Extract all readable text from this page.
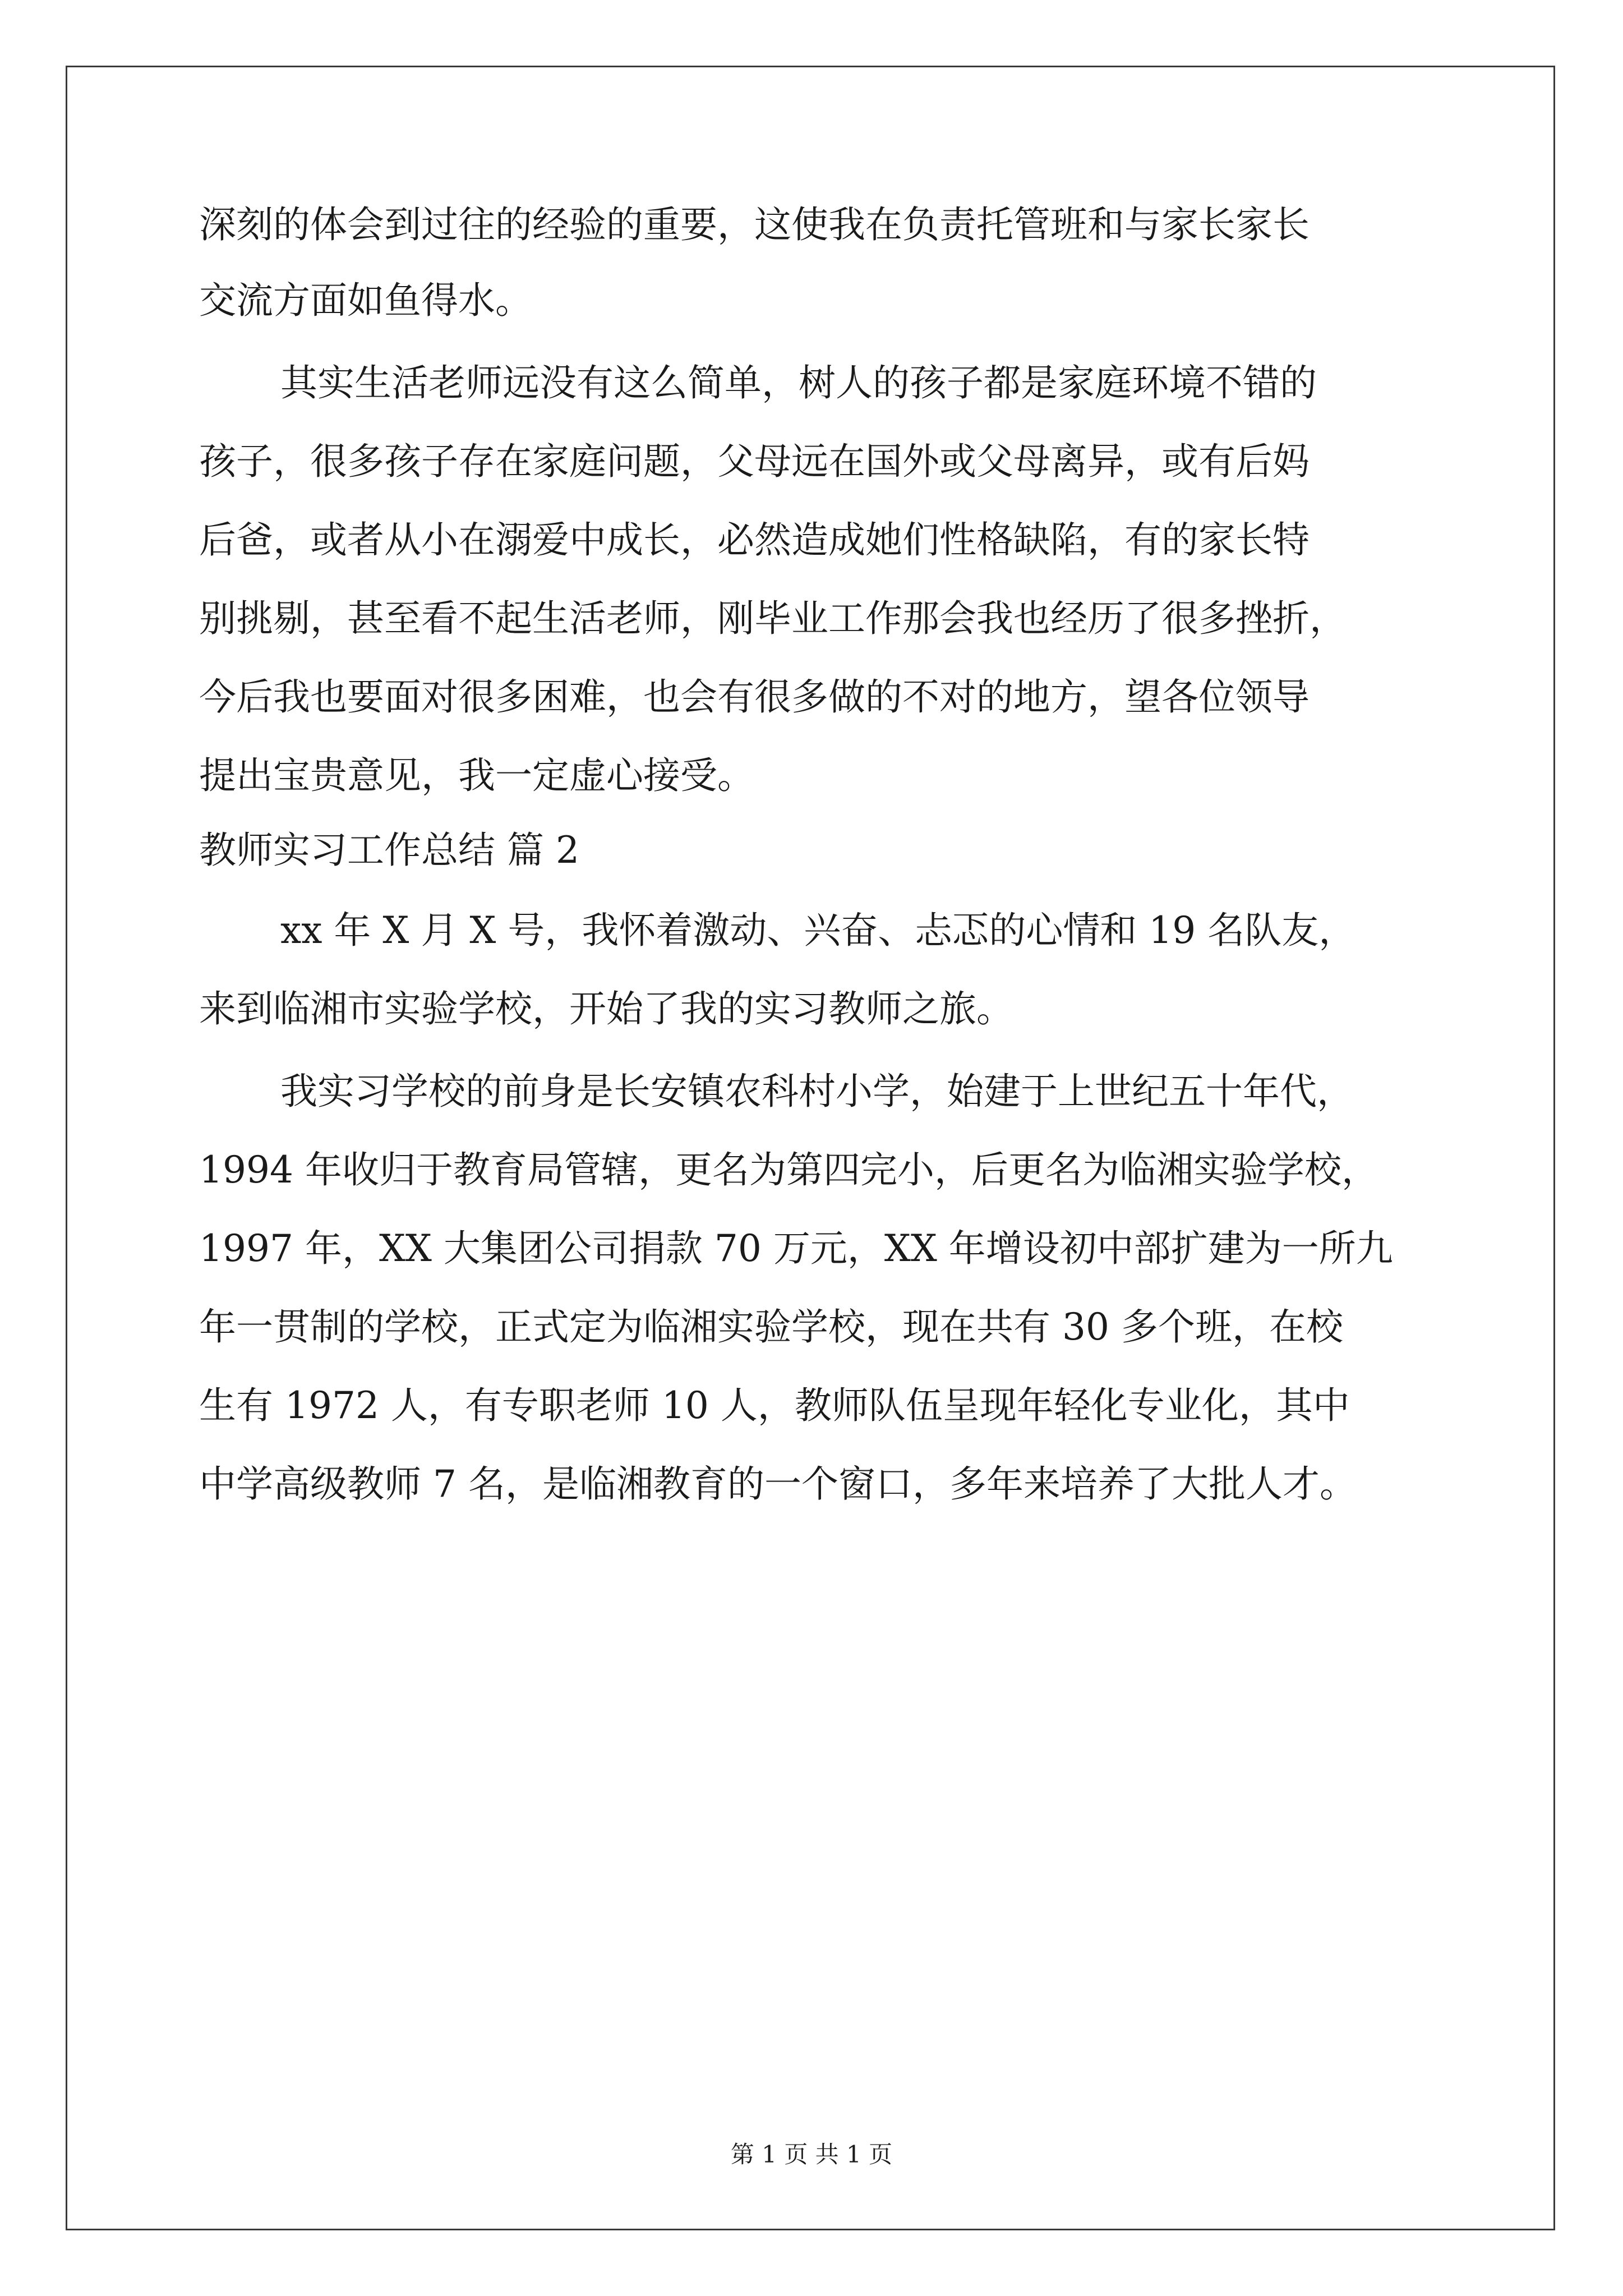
深刻的体会到过往的经验的重要，这使我在负责托管班和与家长家长
交流方面如鱼得水。
其实生活老师远没有这么简单，树人的孩子都是家庭环境不错的
孩子，很多孩子存在家庭问题，父母远在国外或父母离异，或有后妈
后爸，或者从小在溺爱中成长，必然造成她们性格缺陷，有的家长特
别挑剔，甚至看不起生活老师，刚毕业工作那会我也经历了很多挫折，
今后我也要面对很多困难，也会有很多做的不对的地方，望各位领导
提出宝贵意见，我一定虚心接受。
教师实习工作总结 篇 2
xx 年 X 月 X 号，我怀着激动、兴奋、忐忑的心情和 19 名队友，
来到临湘市实验学校，开始了我的实习教师之旅。
我实习学校的前身是长安镇农科村小学，始建于上世纪五十年代，
1994 年收归于教育局管辖，更名为第四完小，后更名为临湘实验学校，
1997 年，XX 大集团公司捐款 70 万元，XX 年增设初中部扩建为一所九
年一贯制的学校，正式定为临湘实验学校，现在共有 30 多个班，在校
生有 1972 人，有专职老师 10 人，教师队伍呈现年轻化专业化，其中
中学高级教师 7 名，是临湘教育的一个窗口，多年来培养了大批人才。
第 1 页 共 1 页
